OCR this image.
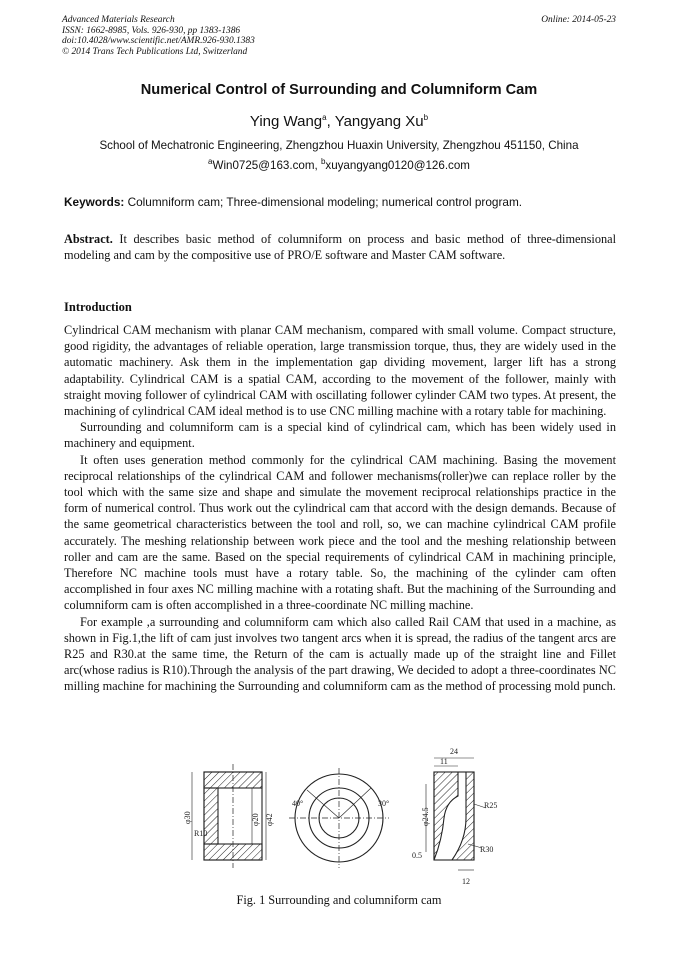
Advanced Materials Research
ISSN: 1662-8985, Vols. 926-930, pp 1383-1386
doi:10.4028/www.scientific.net/AMR.926-930.1383
© 2014 Trans Tech Publications Ltd, Switzerland
Online: 2014-05-23
Numerical Control of Surrounding and Columniform Cam
Ying Wang$^a$, Yangyang Xu$^b$
School of Mechatronic Engineering, Zhengzhou Huaxin University, Zhengzhou 451150, China
$^a$Win0725@163.com, $^b$xuyangyang0120@126.com
Keywords: Columniform cam; Three-dimensional modeling; numerical control program.
Abstract. It describes basic method of columniform on process and basic method of three-dimensional modeling and cam by the compositive use of PRO/E software and Master CAM software.
Introduction

Cylindrical CAM mechanism with planar CAM mechanism, compared with small volume. Compact structure, good rigidity, the advantages of reliable operation, large transmission torque, thus, they are widely used in the automatic machinery. Ask them in the implementation gap dividing movement, larger lift has a strong adaptability. Cylindrical CAM is a spatial CAM, according to the movement of the follower, mainly with straight moving follower of cylindrical CAM with oscillating follower cylinder CAM two types. At present, the machining of cylindrical CAM ideal method is to use CNC milling machine with a rotary table for machining.

Surrounding and columniform cam is a special kind of cylindrical cam, which has been widely used in machinery and equipment.

It often uses generation method commonly for the cylindrical CAM machining. Basing the movement reciprocal relationships of the cylindrical CAM and follower mechanisms(roller)we can replace roller by the tool which with the same size and shape and simulate the movement reciprocal relationships practice in the form of numerical control. Thus work out the cylindrical cam that accord with the design demands. Because of the same geometrical characteristics between the tool and roll, so, we can machine cylindrical CAM profile accurately. The meshing relationship between work piece and the tool and the meshing relationship between roller and cam are the same. Based on the special requirements of cylindrical CAM in machining principle, Therefore NC machine tools must have a rotary table. So, the machining of the cylinder cam often accomplished in four axes NC milling machine with a rotating shaft. But the machining of the Surrounding and columniform cam is often accomplished in a three-coordinate NC milling machine.

For example ,a surrounding and columniform cam which also called Rail CAM that used in a machine, as shown in Fig.1,the lift of cam just involves two tangent arcs when it is spread, the radius of the tangent arcs are R25 and R30.at the same time, the Return of the cam is actually made up of the straight line and Fillet arc(whose radius is R10).Through the analysis of the part drawing, We decided to adopt a three-coordinates NC milling machine for machining the Surrounding and columniform cam as the method of processing mold punch.

φ30
R10
φ20 φ42
40°	30°
24
11
R25
φ24.5
R30
0.5
12
Fig. 1 Surrounding and columniform cam
